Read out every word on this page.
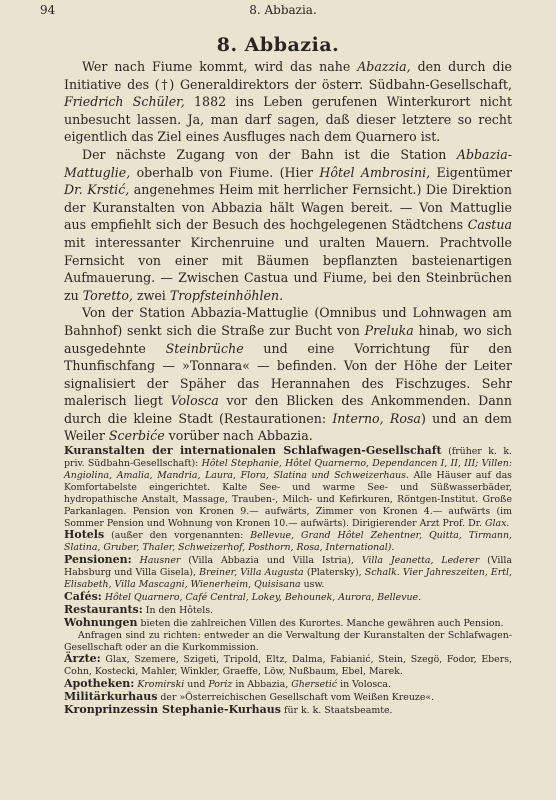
94	8. Abbazia.
8. Abbazia.

Wer nach Fiume kommt, wird das nahe Abazzia, den durch die Initiative des (†) Generaldirektors der österr. Südbahn-Gesellschaft, Friedrich Schüler, 1882 ins Leben gerufenen Winterkurort nicht unbesucht lassen. Ja, man darf sagen, daß dieser letztere so recht eigentlich das Ziel eines Ausfluges nach dem Quarnero ist.

Der nächste Zugang von der Bahn ist die Station Abbazia-Mattuglie, oberhalb von Fiume. (Hier Hôtel Ambrosini, Eigentümer Dr. Krstić, angenehmes Heim mit herrlicher Fernsicht.) Die Direktion der Kuranstalten von Abbazia hält Wagen bereit. — Von Mattuglie aus empfiehlt sich der Besuch des hochgelegenen Städtchens Castua mit interessanter Kirchenruine und uralten Mauern. Prachtvolle Fernsicht von einer mit Bäumen bepflanzten basteienartigen Aufmauerung. — Zwischen Castua und Fiume, bei den Steinbrüchen zu Toretto, zwei Tropfsteinhöhlen.

Von der Station Abbazia-Mattuglie (Omnibus und Lohnwagen am Bahnhof) senkt sich die Straße zur Bucht von Preluka hinab, wo sich ausgedehnte Steinbrüche und eine Vorrichtung für den Thunfischfang — »Tonnara« — befinden. Von der Höhe der Leiter signalisiert der Späher das Herannahen des Fischzuges. Sehr malerisch liegt Volosca vor den Blicken des Ankommenden. Dann durch die kleine Stadt (Restaurationen: Interno, Rosa) und an dem Weiler Scerbiće vorüber nach Abbazia.

Kuranstalten der internationalen Schlafwagen-Gesellschaft (früher k. k. priv. Südbahn-Gesellschaft): Hôtel Stephanie, Hôtel Quarnerno, Dependancen I, II, III; Villen: Angiolina, Amalia, Mandria, Laura, Flora, Slatina und Schweizerhaus. Alle Häuser auf das Komfortabelste eingerichtet. Kalte See- und warme See- und Süßwasserbäder, hydropathische Anstalt, Massage, Trauben-, Milch- und Kefirkuren, Röntgen-Institut. Große Parkanlagen. Pension von Kronen 9.— aufwärts, Zimmer von Kronen 4.— aufwärts (im Sommer Pension und Wohnung von Kronen 10.— aufwärts). Dirigierender Arzt Prof. Dr. Glax.

Hotels (außer den vorgenannten: Bellevue, Grand Hôtel Zehentner, Quitta, Tirmann, Slatina, Gruber, Thaler, Schweizerhof, Posthorn, Rosa, International).

Pensionen: Hausner (Villa Abbazia und Villa Istria), Villa Jeanetta, Lederer (Villa Habsburg und Villa Gisela), Breiner, Villa Augusta (Platersky), Schalk. Vier Jahreszeiten, Ertl, Elisabeth, Villa Mascagni, Wienerheim, Quisisana usw.

Cafés: Hôtel Quarnero, Café Central, Lokey, Behounek, Aurora, Bellevue.

Restaurants: In den Hôtels.

Wohnungen bieten die zahlreichen Villen des Kurortes. Manche gewähren auch Pension.

Anfragen sind zu richten: entweder an die Verwaltung der Kuranstalten der Schlafwagen-Gesellschaft oder an die Kurkommission.

Ärzte: Glax, Szemere, Szigeti, Tripold, Eltz, Dalma, Fabianić, Stein, Szegö, Fodor, Ebers, Cohn, Kostecki, Mahler, Winkler, Graeffe, Löw, Nußbaum, Ebel, Marek.

Apotheken: Kromirski und Poriz in Abbazia, Ghersetić in Volosca.

Militärkurhaus der »Österreichischen Gesellschaft vom Weißen Kreuze«.

Kronprinzessin Stephanie-Kurhaus für k. k. Staatsbeamte.
